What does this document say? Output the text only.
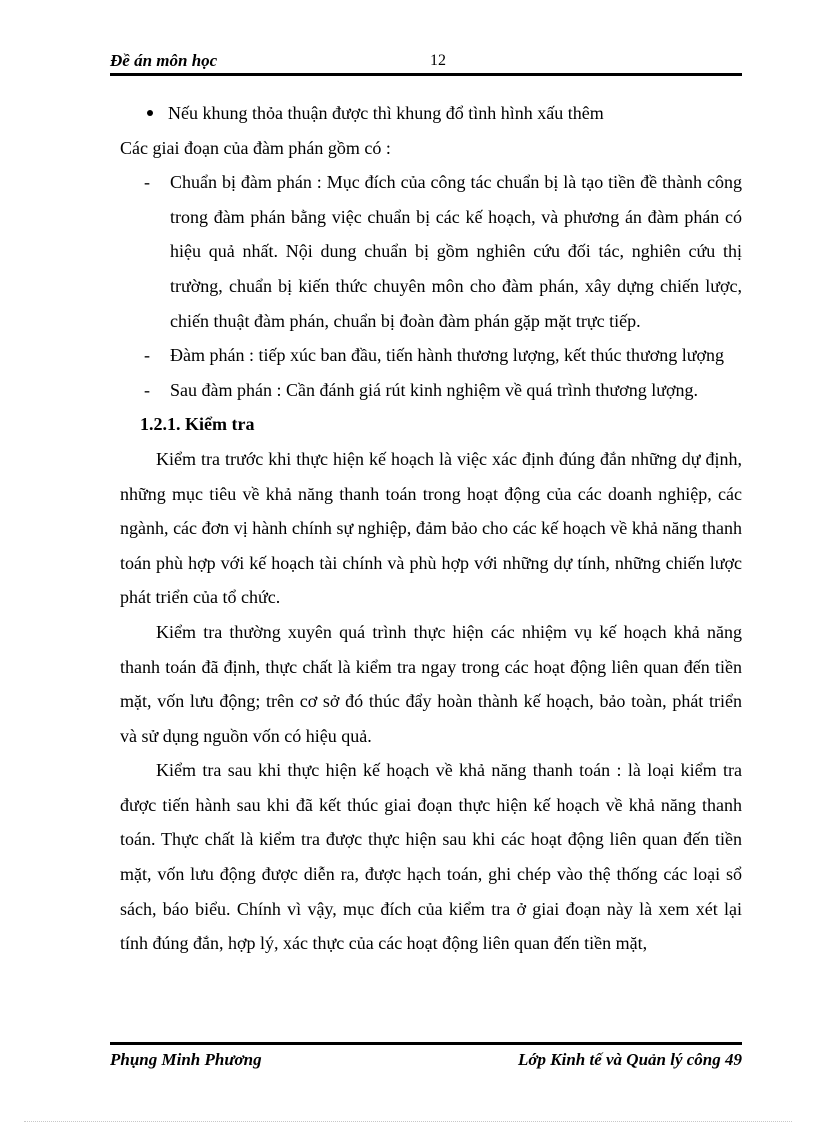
Đề án môn học	12
Nếu khung thỏa thuận được thì khung đổ tình hình xấu thêm
Các giai đoạn của đàm phán gồm có :
- Chuẩn bị đàm phán : Mục đích của công tác chuẩn bị là tạo tiền đề thành công trong đàm phán bằng việc chuẩn bị các kế hoạch, và phương án đàm phán có hiệu quả nhất. Nội dung chuẩn bị gồm nghiên cứu đối tác, nghiên cứu thị trường, chuẩn bị kiến thức chuyên môn cho đàm phán, xây dựng chiến lược, chiến thuật đàm phán, chuẩn bị đoàn đàm phán gặp mặt trực tiếp.
- Đàm phán : tiếp xúc ban đầu, tiến hành thương lượng, kết thúc thương lượng
- Sau đàm phán : Cần đánh giá rút kinh nghiệm về quá trình thương lượng.
1.2.1. Kiểm tra

Kiểm tra trước khi thực hiện kế hoạch là việc xác định đúng đắn những dự định, những mục tiêu về khả năng thanh toán trong hoạt động của các doanh nghiệp, các ngành, các đơn vị hành chính sự nghiệp, đảm bảo cho các kế hoạch về khả năng thanh toán phù hợp với kế hoạch tài chính và phù hợp với những dự tính, những chiến lược phát triển của tổ chức.

Kiểm tra thường xuyên quá trình thực hiện các nhiệm vụ kế hoạch khả năng thanh toán đã định, thực chất là kiểm tra ngay trong các hoạt động liên quan đến tiền mặt, vốn lưu động; trên cơ sở đó thúc đẩy hoàn thành kế hoạch, bảo toàn, phát triển và sử dụng nguồn vốn có hiệu quả.

Kiểm tra sau khi thực hiện kế hoạch về khả năng thanh toán : là loại kiểm tra được tiến hành sau khi đã kết thúc giai đoạn thực hiện kế hoạch về khả năng thanh toán. Thực chất là kiểm tra được thực hiện sau khi các hoạt động liên quan đến tiền mặt, vốn lưu động được diễn ra, được hạch toán, ghi chép vào thệ thống các loại sổ sách, báo biểu. Chính vì vậy, mục đích của kiểm tra ở giai đoạn này là xem xét lại tính đúng đắn, hợp lý, xác thực của các hoạt động liên quan đến tiền mặt,

Phụng Minh Phương	Lớp Kinh tế và Quản lý công 49
